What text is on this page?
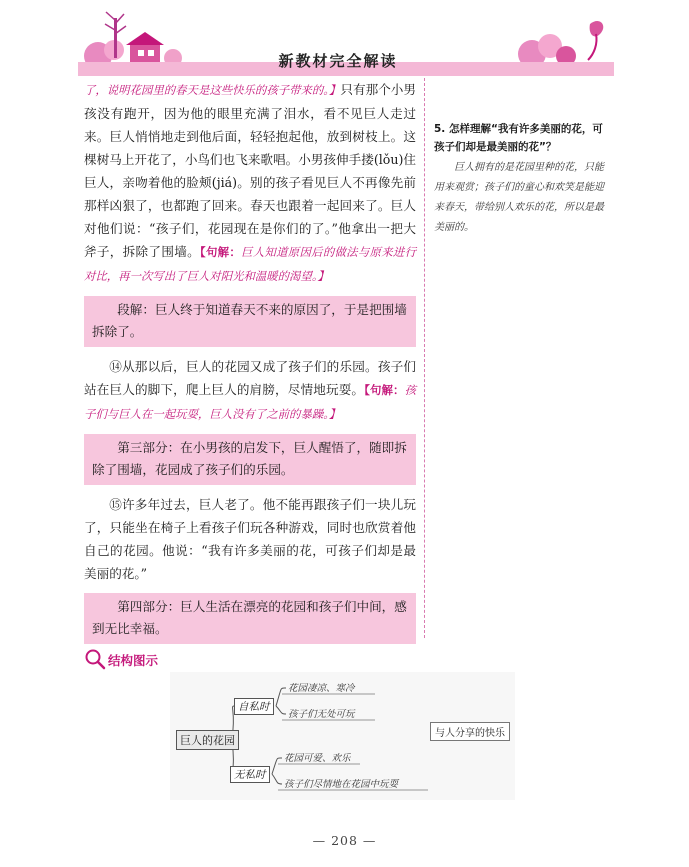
新教材完全解读

了，说明花园里的春天是这些快乐的孩子带来的。】只有那个小男孩没有跑开，因为他的眼里充满了泪水，看不见巨人走过来。巨人悄悄地走到他后面，轻轻抱起他，放到树枝上。这棵树马上开花了，小鸟们也飞来歌唱。小男孩伸手搂(lǒu)住巨人，亲吻着他的脸颊(jiá)。别的孩子看见巨人不再像先前那样凶狠了，也都跑了回来。春天也跟着一起回来了。巨人对他们说：“孩子们，花园现在是你们的了。”他拿出一把大斧子，拆除了围墙。【句解：巨人知道原因后的做法与原来进行对比，再一次写出了巨人对阳光和温暖的渴望。】

段解：巨人终于知道春天不来的原因了，于是把围墙拆除了。

⑭从那以后，巨人的花园又成了孩子们的乐园。孩子们站在巨人的脚下，爬上巨人的肩膀，尽情地玩耍。【句解：孩子们与巨人在一起玩耍，巨人没有了之前的暴躁。】

第三部分：在小男孩的启发下，巨人醒悟了，随即拆除了围墙，花园成了孩子们的乐园。

⑮许多年过去，巨人老了。他不能再跟孩子们一块儿玩了，只能坐在椅子上看孩子们玩各种游戏，同时也欣赏着他自己的花园。他说：“我有许多美丽的花，可孩子们却是最美丽的花。”

第四部分：巨人生活在漂亮的花园和孩子们中间，感到无比幸福。

5. 怎样理解“我有许多美丽的花，可孩子们却是最美丽的花”？

巨人拥有的是花园里种的花，只能用来观赏；孩子们的童心和欢笑是能迎来春天，带给别人欢乐的花，所以是最美丽的。

结构图示
巨人的花园
自私时
无私时
花园凄凉、寒冷
孩子们无处可玩
花园可爱、欢乐
孩子们尽情地在花园中玩耍
与人分享的快乐
— 208 —
